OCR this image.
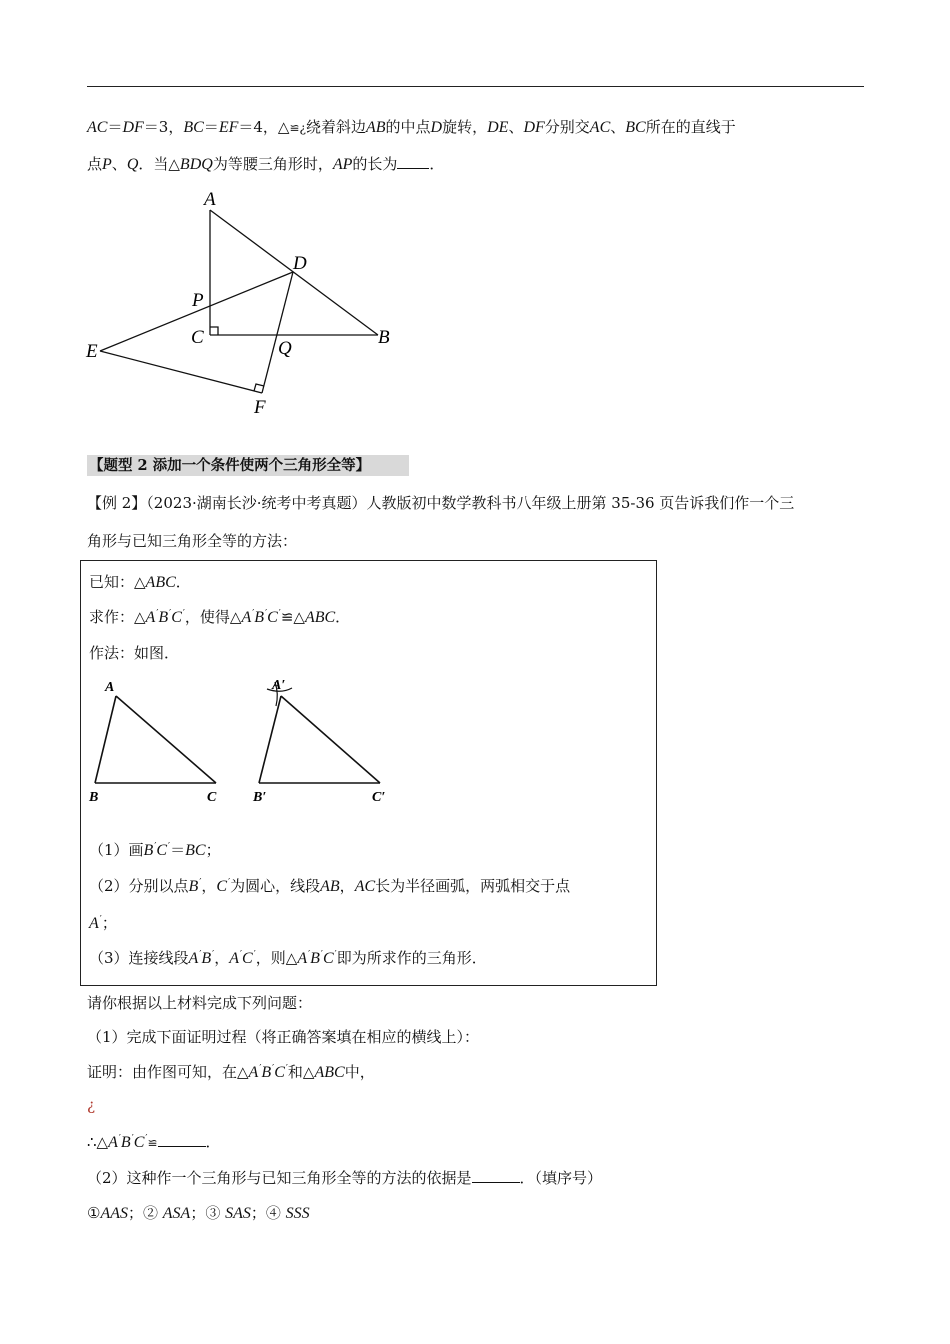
AC＝DF＝3，BC＝EF＝4，△≌¿绕着斜边AB的中点D旋转，DE、DF分别交AC、BC所在的直线于
点P、Q．当△BDQ为等腰三角形时，AP的长为 ．
A
D
P
C	B
Q
E
F
【题型 2 添加一个条件使两个三角形全等】
【例 2】（2023·湖南长沙·统考中考真题）人教版初中数学教科书八年级上册第 35-36 页告诉我们作一个三
角形与已知三角形全等的方法：
已知：△ABC．
求作：△A′B′C′，使得△A′B′C′≌△ABC．
作法：如图．
A
B	C
A′
B′	C′
（1）画B′C′＝BC；
（2）分别以点B′，C′为圆心，线段AB，AC长为半径画弧，两弧相交于点
A′；
（3）连接线段A′B′，A′C′，则△A′B′C′即为所求作的三角形．
请你根据以上材料完成下列问题：
（1）完成下面证明过程（将正确答案填在相应的横线上）：
证明：由作图可知，在△A′B′C′和△ABC中，
¿
∴△A′B′C′≌	．
（2）这种作一个三角形与已知三角形全等的方法的依据是	．（填序号）
①AAS；② ASA；③ SAS；④ SSS
